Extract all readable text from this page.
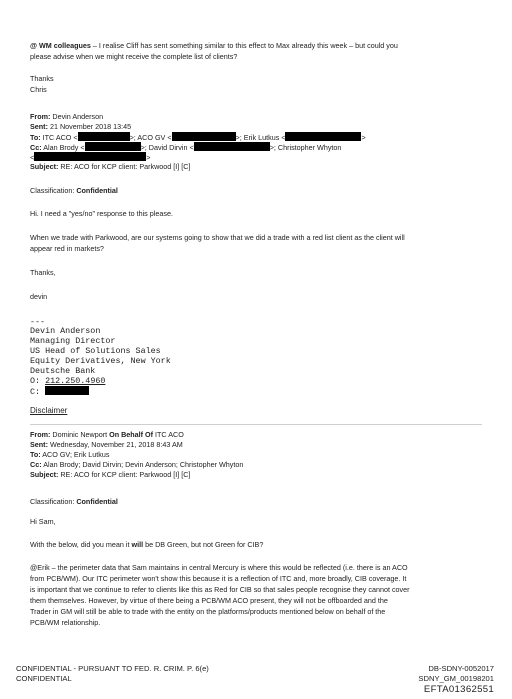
@ WM colleagues – I realise Cliff has sent something similar to this effect to Max already this week – but could you
please advise when we might receive the complete list of clients?
Thanks
Chris
From: Devin Anderson
Sent: 21 November 2018 13:45
To: ITC ACO <	>; ACO GV <	>; Erik Lutkus <	>
Cc: Alan Brody <	>; David Dirvin <	>; Christopher Whyton
<	>
Subject: RE: ACO for KCP client: Parkwood [I] [C]
Classification: Confidential
Hi. I need a "yes/no" response to this please.
When we trade with Parkwood, are our systems going to show that we did a trade with a red list client as the client will
appear red in markets?
Thanks,
devin
---
Devin Anderson
Managing Director
US Head of Solutions Sales
Equity Derivatives, New York
Deutsche Bank
O: 212.250.4960
C:
Disclaimer
From: Dominic Newport On Behalf Of ITC ACO
Sent: Wednesday, November 21, 2018 8:43 AM
To: ACO GV; Erik Lutkus
Cc: Alan Brody; David Dirvin; Devin Anderson; Christopher Whyton
Subject: RE: ACO for KCP client: Parkwood [I] [C]
Classification: Confidential
Hi Sam,
With the below, did you mean it will be DB Green, but not Green for CIB?
@Erik – the perimeter data that Sam maintains in central Mercury is where this would be reflected (i.e. there is an ACO
from PCB/WM). Our ITC perimeter won't show this because it is a reflection of ITC and, more broadly, CIB coverage. It
is important that we continue to refer to clients like this as Red for CIB so that sales people recognise they cannot cover
them themselves. However, by virtue of there being a PCB/WM ACO present, they will not be offboarded and the
Trader in GM will still be able to trade with the entity on the platforms/products mentioned below on behalf of the
PCB/WM relationship.
CONFIDENTIAL - PURSUANT TO FED. R. CRIM. P. 6(e)
CONFIDENTIAL
DB-SDNY-0052017
SDNY_GM_00198201
EFTA01362551
